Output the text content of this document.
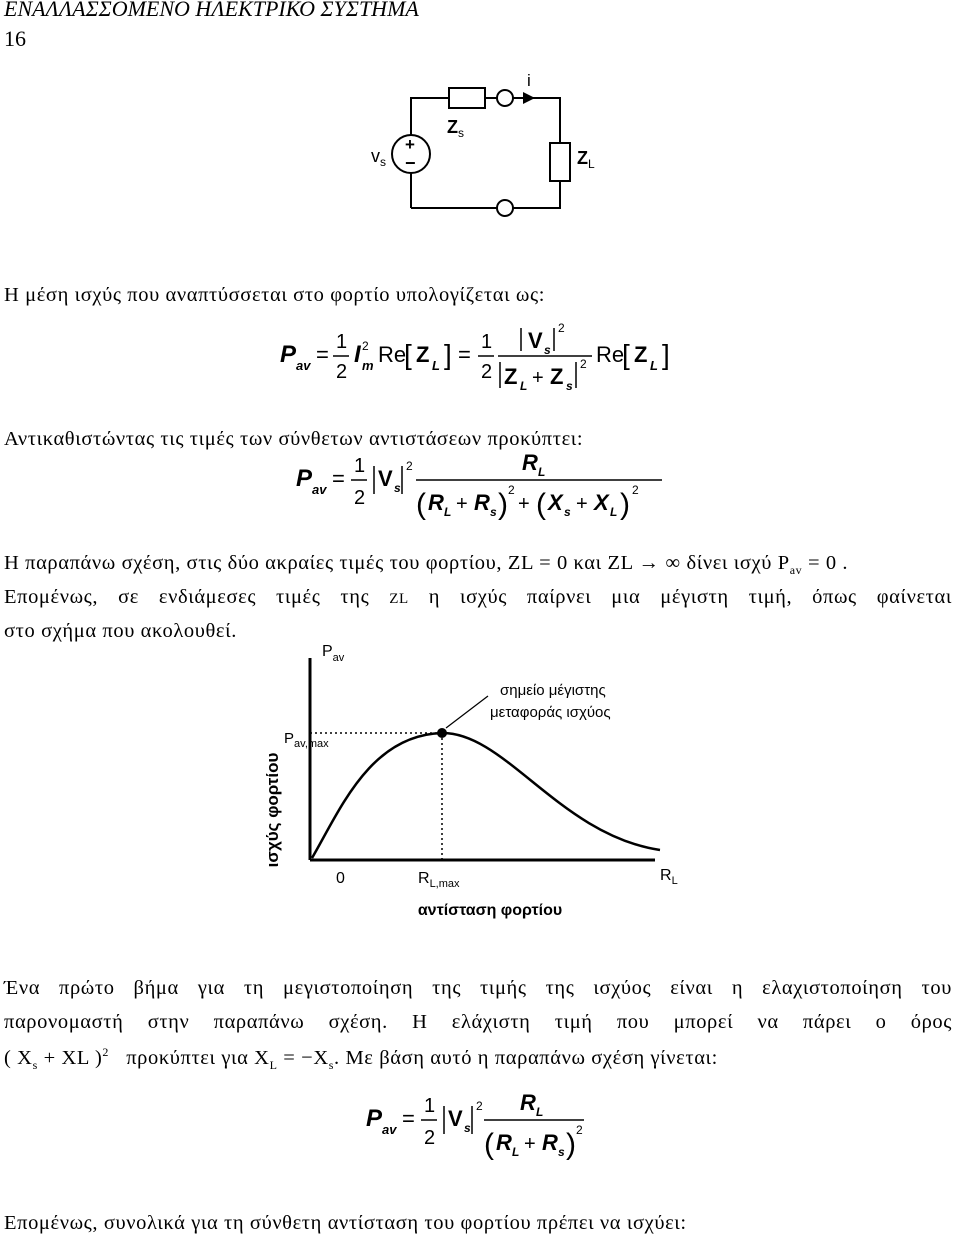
ΕΝΑΛΛΑΣΣΟΜΕΝΟ ΗΛΕΚΤΡΙΚΟ ΣΥΣΤΗΜΑ
16
+
−
$v_s$
$Z_s$
i
$Z_L$
Η μέση ισχύς που αναπτύσσεται στο φορτίο υπολογίζεται ως:
P av = 1
2
I 2
m Re
[ Z L ] = 1
2
V s
2
Z L + Z s
2 Re
[ Z L ]
Αντικαθιστώντας τις τιμές των σύνθετων αντιστάσεων προκύπτει:
P av = 1
2
V s
2	R L
( R L + R s ) 2
+ ( X s + X L ) 2
Η παραπάνω σχέση, στις δύο ακραίες τιμές του φορτίου, ZL = 0 και ZL → ∞ δίνει ισχύ $P_{av} = 0$ .
Επομένως, σε ενδιάμεσες τιμές της ZL η ισχύς παίρνει μια μέγιστη τιμή, όπως φαίνεται
στο σχήμα που ακολουθεί.
ισχύς φορτίου
$P_{av}$
$P_{av,max}$
σημείο μέγιστης
μεταφοράς ισχύος
0	$R_{L,max}$	$R_L$
αντίσταση φορτίου
Ένα πρώτο βήμα για τη μεγιστοποίηση της τιμής της ισχύος είναι η ελαχιστοποίηση του
παρονομαστή στην παραπάνω σχέση. Η ελάχιστη τιμή που μπορεί να πάρει ο όρος
( $X_s$ + XL )$^2$ προκύπτει για $X_L = -X_s$. Με βάση αυτό η παραπάνω σχέση γίνεται:
P av = 1
2
V s
2 R L
( R L + R s ) 2
Επομένως, συνολικά για τη σύνθετη αντίσταση του φορτίου πρέπει να ισχύει:
